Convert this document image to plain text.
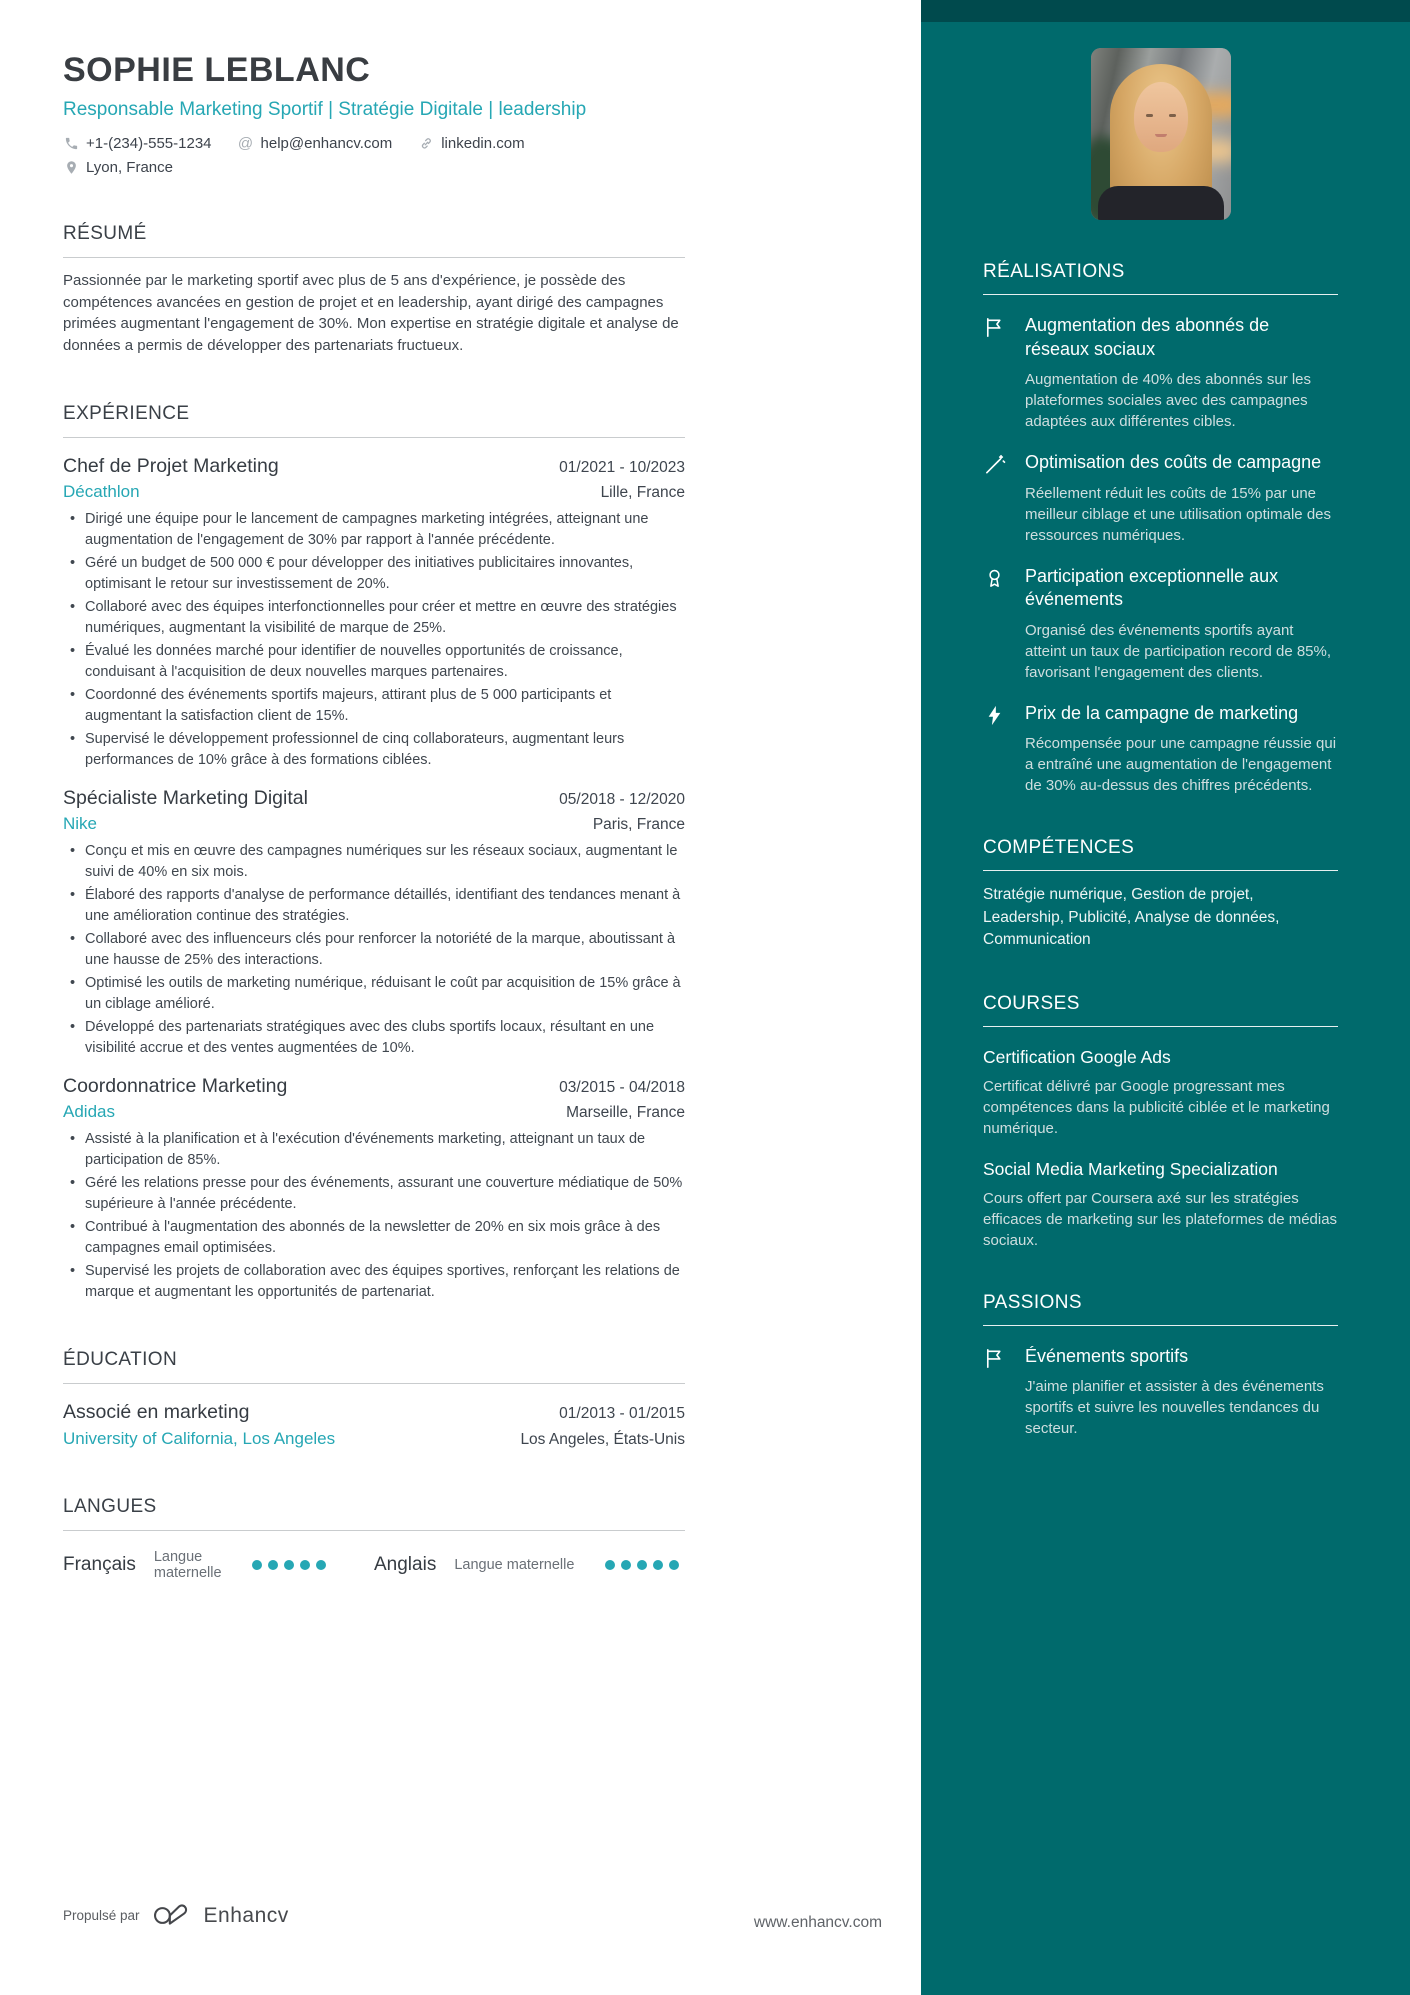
SOPHIE LEBLANC
Responsable Marketing Sportif | Stratégie Digitale | leadership
+1-(234)-555-1234 @ help@enhancv.com	linkedin.com
Lyon, France
RÉSUMÉ
Passionnée par le marketing sportif avec plus de 5 ans d'expérience, je possède des compétences avancées en gestion de projet et en leadership, ayant dirigé des campagnes primées augmentant l'engagement de 30%. Mon expertise en stratégie digitale et analyse de données a permis de développer des partenariats fructueux.
EXPÉRIENCE
Chef de Projet Marketing	01/2021 - 10/2023
Décathlon	Lille, France
• Dirigé une équipe pour le lancement de campagnes marketing intégrées, atteignant une augmentation de l'engagement de 30% par rapport à l'année précédente.
• Géré un budget de 500 000 € pour développer des initiatives publicitaires innovantes, optimisant le retour sur investissement de 20%.
• Collaboré avec des équipes interfonctionnelles pour créer et mettre en œuvre des stratégies numériques, augmentant la visibilité de marque de 25%.
• Évalué les données marché pour identifier de nouvelles opportunités de croissance, conduisant à l'acquisition de deux nouvelles marques partenaires.
• Coordonné des événements sportifs majeurs, attirant plus de 5 000 participants et augmentant la satisfaction client de 15%.
• Supervisé le développement professionnel de cinq collaborateurs, augmentant leurs performances de 10% grâce à des formations ciblées.
Spécialiste Marketing Digital	05/2018 - 12/2020
Nike	Paris, France
• Conçu et mis en œuvre des campagnes numériques sur les réseaux sociaux, augmentant le suivi de 40% en six mois.
• Élaboré des rapports d'analyse de performance détaillés, identifiant des tendances menant à une amélioration continue des stratégies.
• Collaboré avec des influenceurs clés pour renforcer la notoriété de la marque, aboutissant à une hausse de 25% des interactions.
• Optimisé les outils de marketing numérique, réduisant le coût par acquisition de 15% grâce à un ciblage amélioré.
• Développé des partenariats stratégiques avec des clubs sportifs locaux, résultant en une visibilité accrue et des ventes augmentées de 10%.
Coordonnatrice Marketing	03/2015 - 04/2018
Adidas	Marseille, France
• Assisté à la planification et à l'exécution d'événements marketing, atteignant un taux de participation de 85%.
• Géré les relations presse pour des événements, assurant une couverture médiatique de 50% supérieure à l'année précédente.
• Contribué à l'augmentation des abonnés de la newsletter de 20% en six mois grâce à des campagnes email optimisées.
• Supervisé les projets de collaboration avec des équipes sportives, renforçant les relations de marque et augmentant les opportunités de partenariat.
ÉDUCATION
Associé en marketing	01/2013 - 01/2015
University of California, Los Angeles	Los Angeles, États-Unis
LANGUES
Français Langue maternelle	Anglais Langue maternelle
RÉALISATIONS
Augmentation des abonnés de réseaux sociaux
Augmentation de 40% des abonnés sur les plateformes sociales avec des campagnes adaptées aux différentes cibles.
Optimisation des coûts de campagne
Réellement réduit les coûts de 15% par une meilleur ciblage et une utilisation optimale des ressources numériques.
Participation exceptionnelle aux événements
Organisé des événements sportifs ayant atteint un taux de participation record de 85%, favorisant l'engagement des clients.
Prix de la campagne de marketing
Récompensée pour une campagne réussie qui a entraîné une augmentation de l'engagement de 30% au-dessus des chiffres précédents.
COMPÉTENCES
Stratégie numérique, Gestion de projet, Leadership, Publicité, Analyse de données, Communication
COURSES
Certification Google Ads
Certificat délivré par Google progressant mes compétences dans la publicité ciblée et le marketing numérique.
Social Media Marketing Specialization
Cours offert par Coursera axé sur les stratégies efficaces de marketing sur les plateformes de médias sociaux.
PASSIONS
Événements sportifs
J'aime planifier et assister à des événements sportifs et suivre les nouvelles tendances du secteur.
Propulsé par	Enhancv	www.enhancv.com
